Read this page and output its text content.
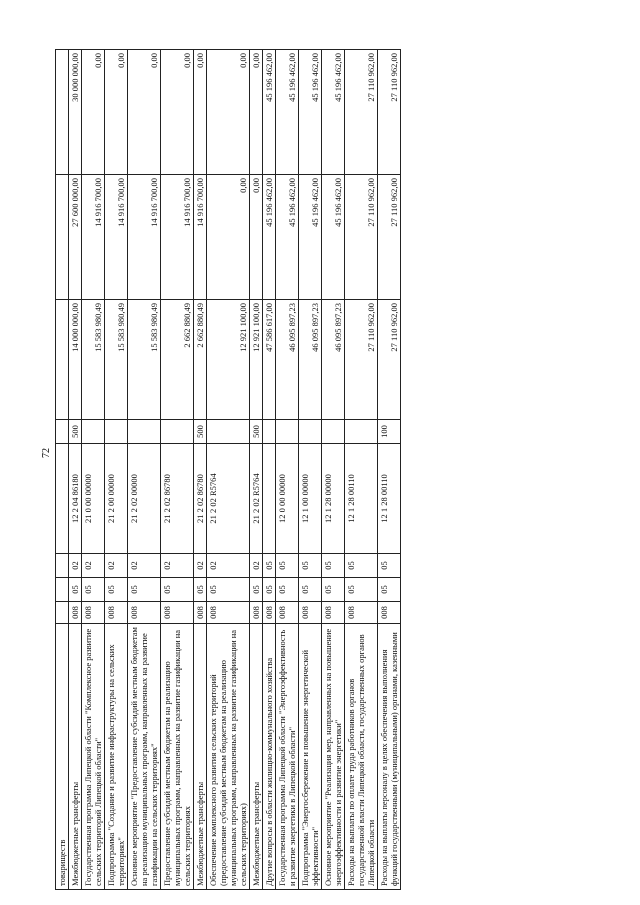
72
товариществ								
Межбюджетные трансферты	008	05	02	12 2 04 86180	500	14 000 000,00	27 600 000,00	30 000 000,00
Государственная программа Липецкой области "Комплексное развитие сельских территорий Липецкой области"	008	05	02	21 0 00 00000		15 583 980,49	14 916 700,00	0,00
Подпрограмма "Создание и развитие инфраструктуры на сельских территориях"	008	05	02	21 2 00 00000		15 583 980,49	14 916 700,00	0,00
Основное мероприятие "Предоставление субсидий местным бюджетам на реализацию муниципальных программ, направленных на развитие газификации на сельских территориях"	008	05	02	21 2 02 00000		15 583 980,49	14 916 700,00	0,00
Предоставление субсидий местным бюджетам на реализацию муниципальных программ, направленных на развитие газификации на сельских территориях	008	05	02	21 2 02 86780		2 662 880,49	14 916 700,00	0,00
Межбюджетные трансферты	008	05	02	21 2 02 86780	500	2 662 880,49	14 916 700,00	0,00
Обеспечение комплексного развития сельских территорий (предоставление субсидий местным бюджетам на реализацию муниципальных программ, направленных на развитие газификации на сельских территориях)	008	05	02	21 2 02 R5764		12 921 100,00	0,00	0,00
Межбюджетные трансферты	008	05	02	21 2 02 R5764	500	12 921 100,00	0,00	0,00
Другие вопросы в области жилищно-коммунального хозяйства	008	05	05			47 586 617,00	45 196 462,00	45 196 462,00
Государственная программа Липецкой области "Энергоэффективность и развитие энергетики в Липецкой области"	008	05	05	12 0 00 00000		46 095 897,23	45 196 462,00	45 196 462,00
Подпрограмма "Энергосбережение и повышение энергетической эффективности"	008	05	05	12 1 00 00000		46 095 897,23	45 196 462,00	45 196 462,00
Основное мероприятие "Реализация мер, направленных на повышение энергоэффективности и развитие энергетики"	008	05	05	12 1 28 00000		46 095 897,23	45 196 462,00	45 196 462,00
Расходы на выплаты по оплате труда работников органов государственной власти Липецкой области, государственных органов Липецкой области	008	05	05	12 1 28 00110		27 110 962,00	27 110 962,00	27 110 962,00
Расходы на выплаты персоналу в целях обеспечения выполнения функций государственными (муниципальными) органами, казенными	008	05	05	12 1 28 00110	100	27 110 962,00	27 110 962,00	27 110 962,00
